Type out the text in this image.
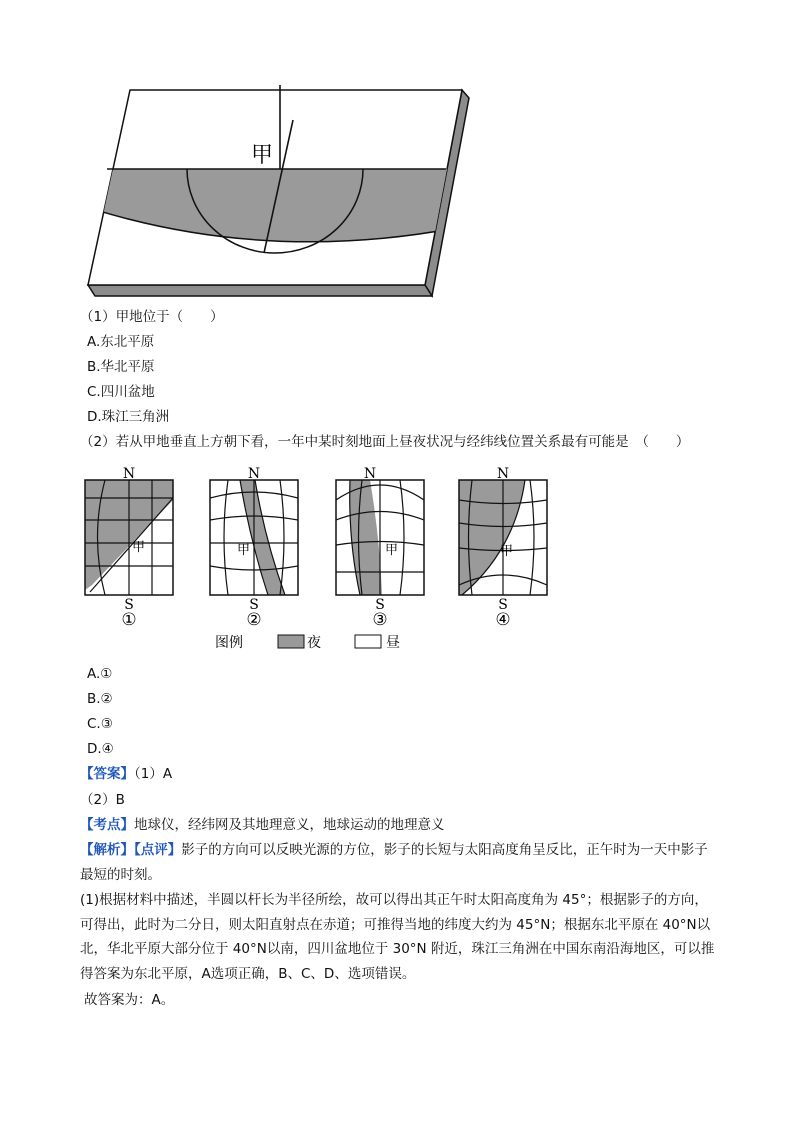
甲
（1）甲地位于（　　）
A.东北平原
B.华北平原
C.四川盆地
D.珠江三角洲
（2）若从甲地垂直上方朝下看，一年中某时刻地面上昼夜状况与经纬线位置关系最有可能是　（　　）
N	N	N	N
S	S	S	S
①	②	③	④
甲	甲	甲	甲
图例	夜	昼
A.①
B.②
C.③
D.④
【答案】（1）A
（2）B
【考点】地球仪，经纬网及其地理意义，地球运动的地理意义
【解析】【点评】影子的方向可以反映光源的方位，影子的长短与太阳高度角呈反比，正午时为一天中影子最短的时刻。
(1)根据材料中描述，半圆以杆长为半径所绘，故可以得出其正午时太阳高度角为 45°；根据影子的方向，可得出，此时为二分日，则太阳直射点在赤道；可推得当地的纬度大约为 45°N；根据东北平原在 40°N以北，华北平原大部分位于 40°N以南，四川盆地位于 30°N 附近，珠江三角洲在中国东南沿海地区，可以推得答案为东北平原，A选项正确，B、C、D、选项错误。
故答案为：A。
